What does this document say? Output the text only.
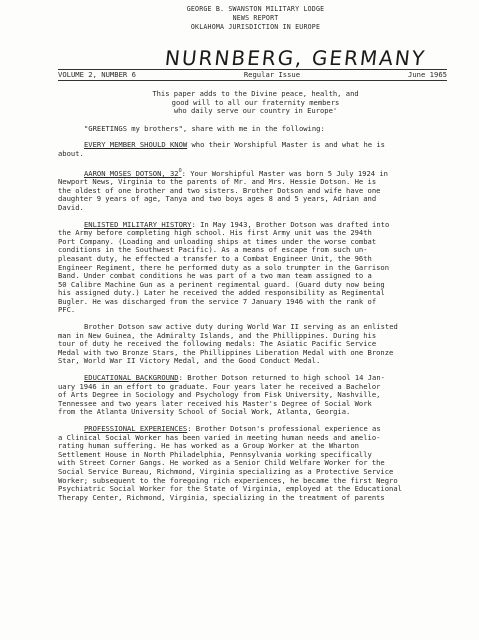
GEORGE B. SWANSTON MILITARY LODGE
NEWS REPORT
OKLAHOMA JURISDICTION IN EUROPE
NURNBERG, GERMANY
VOLUME 2, NUMBER 6	Regular Issue	June 1965
This paper adds to the Divine peace, health, and
good will to all our fraternity members
who daily serve our country in Europe'
"GREETINGS my brothers", share with me in the following:
EVERY MEMBER SHOULD KNOW who their Worshipful Master is and what he is
about.
AARON MOSES DOTSON, $32^O$: Your Worshipful Master was born 5 July 1924 in
Newport News, Virginia to the parents of Mr. and Mrs. Hessie Dotson. He is
the oldest of one brother and two sisters. Brother Dotson and wife have one
daughter 9 years of age, Tanya and two boys ages 8 and 5 years, Adrian and
David.
ENLISTED MILITARY HISTORY: In May 1943, Brother Dotson was drafted into
the Army before completing high school. His first Army unit was the 294th
Port Company. (Loading and unloading ships at times under the worse combat
conditions in the Southwest Pacific). As a means of escape from such un-
pleasant duty, he effected a transfer to a Combat Engineer Unit, the 96th
Engineer Regiment, there he performed duty as a solo trumpter in the Garrison
Band. Under combat conditions he was part of a two man team assigned to a
50 Calibre Machine Gun as a perinent regimental guard. (Guard duty now being
his assigned duty.) Later he received the added responsibility as Regimental
Bugler. He was discharged from the service 7 January 1946 with the rank of
PFC.
Brother Dotson saw active duty during World War II serving as an enlisted
man in New Guinea, the Admiralty Islands, and the Phillippines. During his
tour of duty he received the following medals: The Asiatic Pacific Service
Medal with two Bronze Stars, the Phillippines Liberation Medal with one Bronze
Star, World War II Victory Medal, and the Good Conduct Medal.
EDUCATIONAL BACKGROUND: Brother Dotson returned to high school 14 Jan-
uary 1946 in an effort to graduate. Four years later he received a Bachelor
of Arts Degree in Sociology and Psychology from Fisk University, Nashville,
Tennessee and two years later received his Master's Degree of Social Work
from the Atlanta University School of Social Work, Atlanta, Georgia.
PROFESSIONAL EXPERIENCES: Brother Dotson's professional experience as
a Clinical Social Worker has been varied in meeting human needs and amelio-
rating human suffering. He has worked as a Group Worker at the Wharton
Settlement House in North Philadelphia, Pennsylvania working specifically
with Street Corner Gangs. He worked as a Senior Child Welfare Worker for the
Social Service Bureau, Richmond, Virginia specializing as a Protective Service
Worker; subsequent to the foregoing rich experiences, he became the first Negro
Psychiatric Social Worker for the State of Virginia, employed at the Educational
Therapy Center, Richmond, Virginia, specializing in the treatment of parents
